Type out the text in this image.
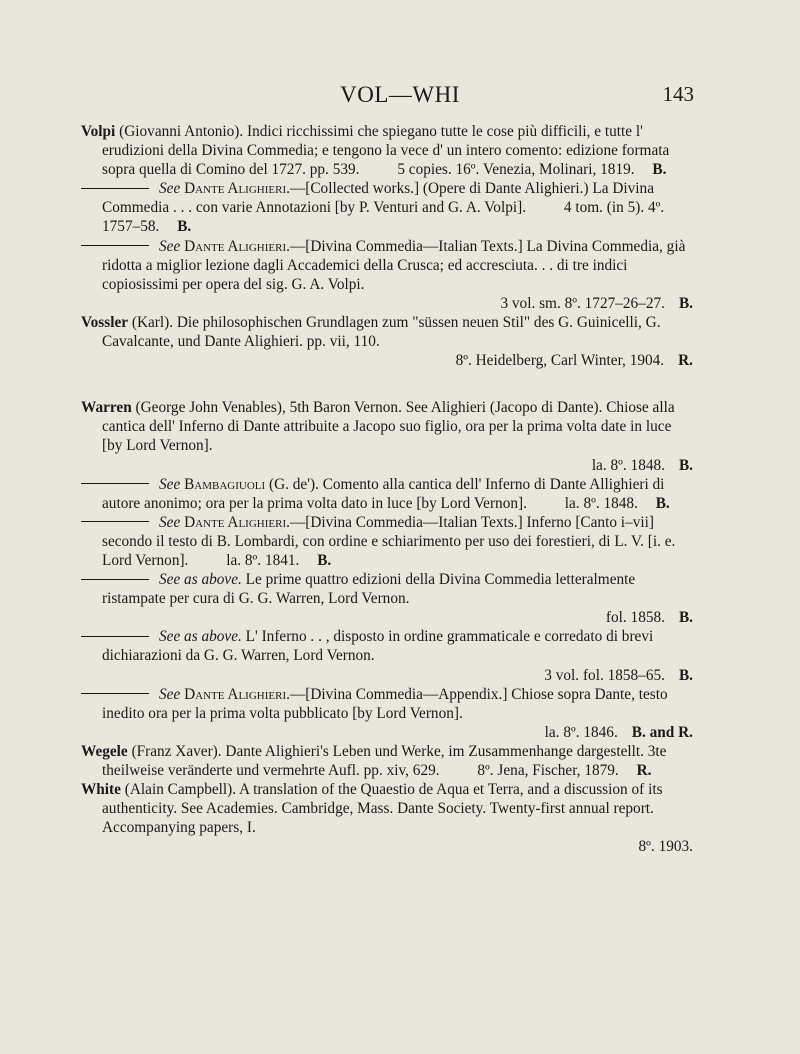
VOL—WHI	143
Volpi (Giovanni Antonio). Indici ricchissimi che spiegano tutte le cose più difficili, e tutte l' erudizioni della Divina Commedia; e tengono la vece d' un intero comento: edizione formata sopra quella di Comino del 1727. pp. 539. 5 copies. 16º. Venezia, Molinari, 1819. B.
See Dante Alighieri.—[Collected works.] (Opere di Dante Alighieri.) La Divina Commedia . . . con varie Annotazioni [by P. Venturi and G. A. Volpi]. 4 tom. (in 5). 4º. 1757–58. B.
See Dante Alighieri.—[Divina Commedia—Italian Texts.] La Divina Commedia, già ridotta a miglior lezione dagli Accademici della Crusca; ed accresciuta. . . di tre indici copiosissimi per opera del sig. G. A. Volpi.
3 vol. sm. 8º. 1727–26–27. B.
Vossler (Karl). Die philosophischen Grundlagen zum "süssen neuen Stil" des G. Guinicelli, G. Cavalcante, und Dante Alighieri. pp. vii, 110.
8º. Heidelberg, Carl Winter, 1904. R.
Warren (George John Venables), 5th Baron Vernon. See Alighieri (Jacopo di Dante). Chiose alla cantica dell' Inferno di Dante attribuite a Jacopo suo figlio, ora per la prima volta date in luce [by Lord Vernon].
la. 8º. 1848. B.
See Bambagiuoli (G. de'). Comento alla cantica dell' Inferno di Dante Allighieri di autore anonimo; ora per la prima volta dato in luce [by Lord Vernon]. la. 8º. 1848. B.
See Dante Alighieri.—[Divina Commedia—Italian Texts.] Inferno [Canto i–vii] secondo il testo di B. Lombardi, con ordine e schiarimento per uso dei forestieri, di L. V. [i. e. Lord Vernon]. la. 8º. 1841. B.
See as above. Le prime quattro edizioni della Divina Commedia letteralmente ristampate per cura di G. G. Warren, Lord Vernon.
fol. 1858. B.
See as above. L' Inferno . . , disposto in ordine grammaticale e corredato di brevi dichiarazioni da G. G. Warren, Lord Vernon.
3 vol. fol. 1858–65. B.
See Dante Alighieri.—[Divina Commedia—Appendix.] Chiose sopra Dante, testo inedito ora per la prima volta pubblicato [by Lord Vernon].
la. 8º. 1846. B. and R.
Wegele (Franz Xaver). Dante Alighieri's Leben und Werke, im Zusammenhange dargestellt. 3te theilweise veränderte und vermehrte Aufl. pp. xiv, 629. 8º. Jena, Fischer, 1879. R.
White (Alain Campbell). A translation of the Quaestio de Aqua et Terra, and a discussion of its authenticity. See Academies. Cambridge, Mass. Dante Society. Twenty-first annual report. Accompanying papers, I.
8º. 1903.
